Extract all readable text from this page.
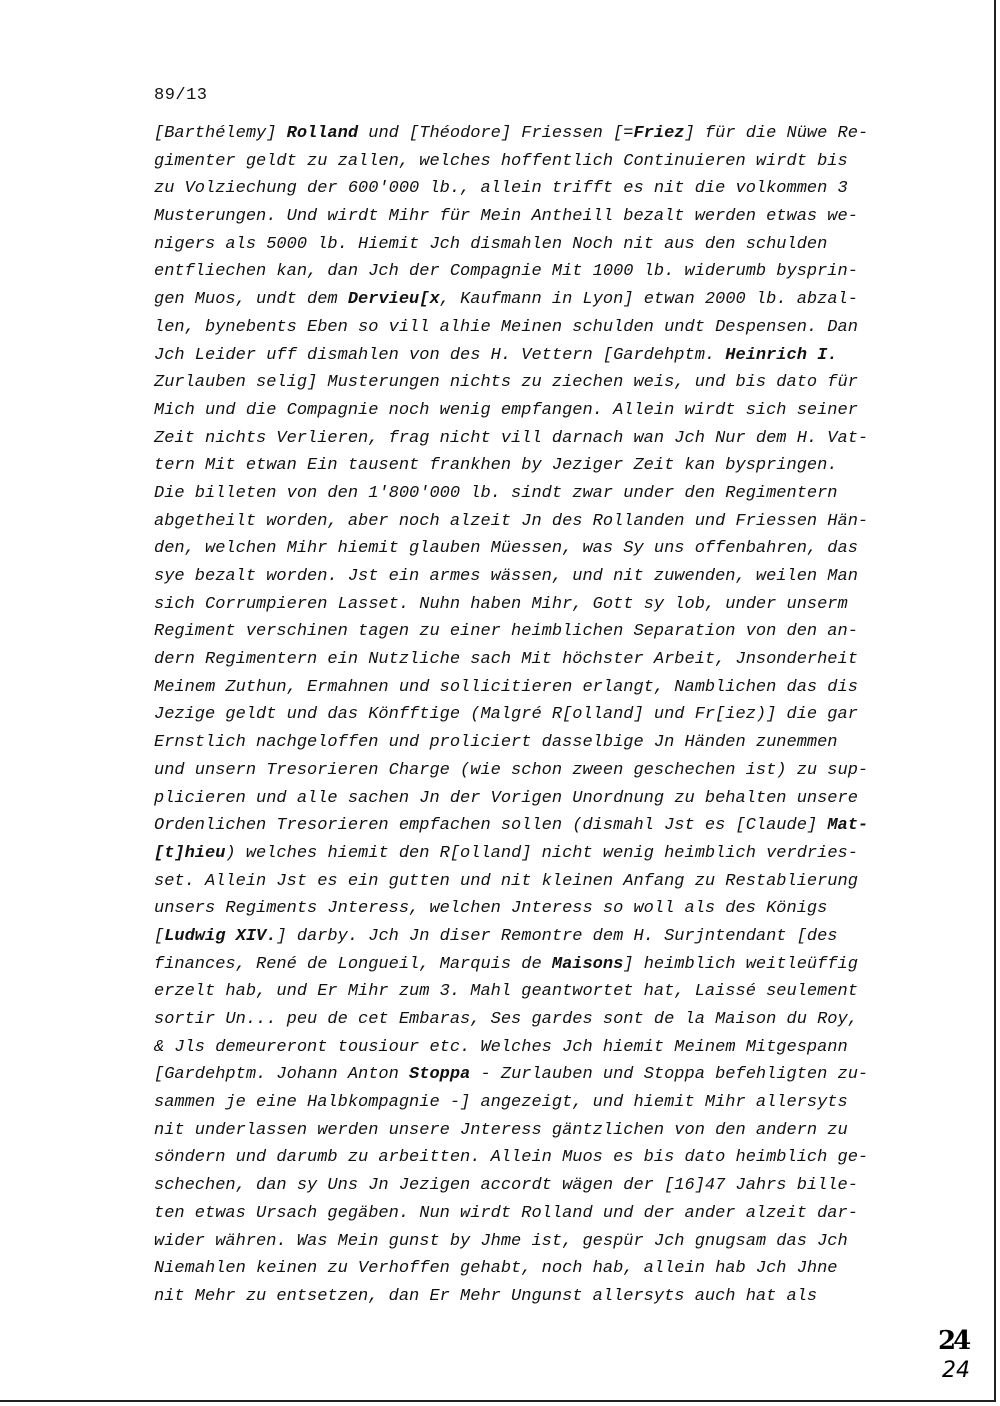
89/13
[Barthélemy] Rolland und [Théodore] Friessen [=Friez] für die Nüwe Re-
gimenter geldt zu zallen, welches hoffentlich Continuieren wirdt bis
zu Volziechung der 600'000 lb., allein trifft es nit die volkommen 3
Musterungen. Und wirdt Mihr für Mein Antheill bezalt werden etwas we-
nigers als 5000 lb. Hiemit Jch dismahlen Noch nit aus den schulden
entfliechen kan, dan Jch der Compagnie Mit 1000 lb. widerumb bysprin-
gen Muos, undt dem Dervieu[x, Kaufmann in Lyon] etwan 2000 lb. abzal-
len, bynebents Eben so vill alhie Meinen schulden undt Despensen. Dan
Jch Leider uff dismahlen von des H. Vettern [Gardehptm. Heinrich I.
Zurlauben selig] Musterungen nichts zu ziechen weis, und bis dato für
Mich und die Compagnie noch wenig empfangen. Allein wirdt sich seiner
Zeit nichts Verlieren, frag nicht vill darnach wan Jch Nur dem H. Vat-
tern Mit etwan Ein tausent frankhen by Jeziger Zeit kan byspringen.
Die billeten von den 1'800'000 lb. sindt zwar under den Regimentern
abgetheilt worden, aber noch alzeit Jn des Rollanden und Friessen Hän-
den, welchen Mihr hiemit glauben Müessen, was Sy uns offenbahren, das
sye bezalt worden. Jst ein armes wässen, und nit zuwenden, weilen Man
sich Corrumpieren Lasset. Nuhn haben Mihr, Gott sy lob, under unserm
Regiment verschinen tagen zu einer heimblichen Separation von den an-
dern Regimentern ein Nutzliche sach Mit höchster Arbeit, Jnsonderheit
Meinem Zuthun, Ermahnen und sollicitieren erlangt, Namblichen das dis
Jezige geldt und das Könfftige (Malgré R[olland] und Fr[iez)] die gar
Ernstlich nachgeloffen und proliciert dasselbige Jn Händen zunemmen
und unsern Tresorieren Charge (wie schon zween geschechen ist) zu sup-
plicieren und alle sachen Jn der Vorigen Unordnung zu behalten unsere
Ordenlichen Tresorieren empfachen sollen (dismahl Jst es [Claude] Mat-
[t]hieu) welches hiemit den R[olland] nicht wenig heimblich verdries-
set. Allein Jst es ein gutten und nit kleinen Anfang zu Restablierung
unsers Regiments Jnteress, welchen Jnteress so woll als des Königs
[Ludwig XIV.] darby. Jch Jn diser Remontre dem H. Surjntendant [des
finances, René de Longueil, Marquis de Maisons] heimblich weitleüffig
erzelt hab, und Er Mihr zum 3. Mahl geantwortet hat, Laissé seulement
sortir Un... peu de cet Embaras, Ses gardes sont de la Maison du Roy,
& Jls demeureront tousiour etc. Welches Jch hiemit Meinem Mitgespann
[Gardehptm. Johann Anton Stoppa - Zurlauben und Stoppa befehligten zu-
sammen je eine Halbkompagnie -] angezeigt, und hiemit Mihr allersyts
nit underlassen werden unsere Jnteress gäntzlichen von den andern zu
söndern und darumb zu arbeitten. Allein Muos es bis dato heimblich ge-
schechen, dan sy Uns Jn Jezigen accordt wägen der [16]47 Jahrs bille-
ten etwas Ursach gegäben. Nun wirdt Rolland und der ander alzeit dar-
wider währen. Was Mein gunst by Jhme ist, gespür Jch gnugsam das Jch
Niemahlen keinen zu Verhoffen gehabt, noch hab, allein hab Jch Jhne
nit Mehr zu entsetzen, dan Er Mehr Ungunst allersyts auch hat als
24
24
